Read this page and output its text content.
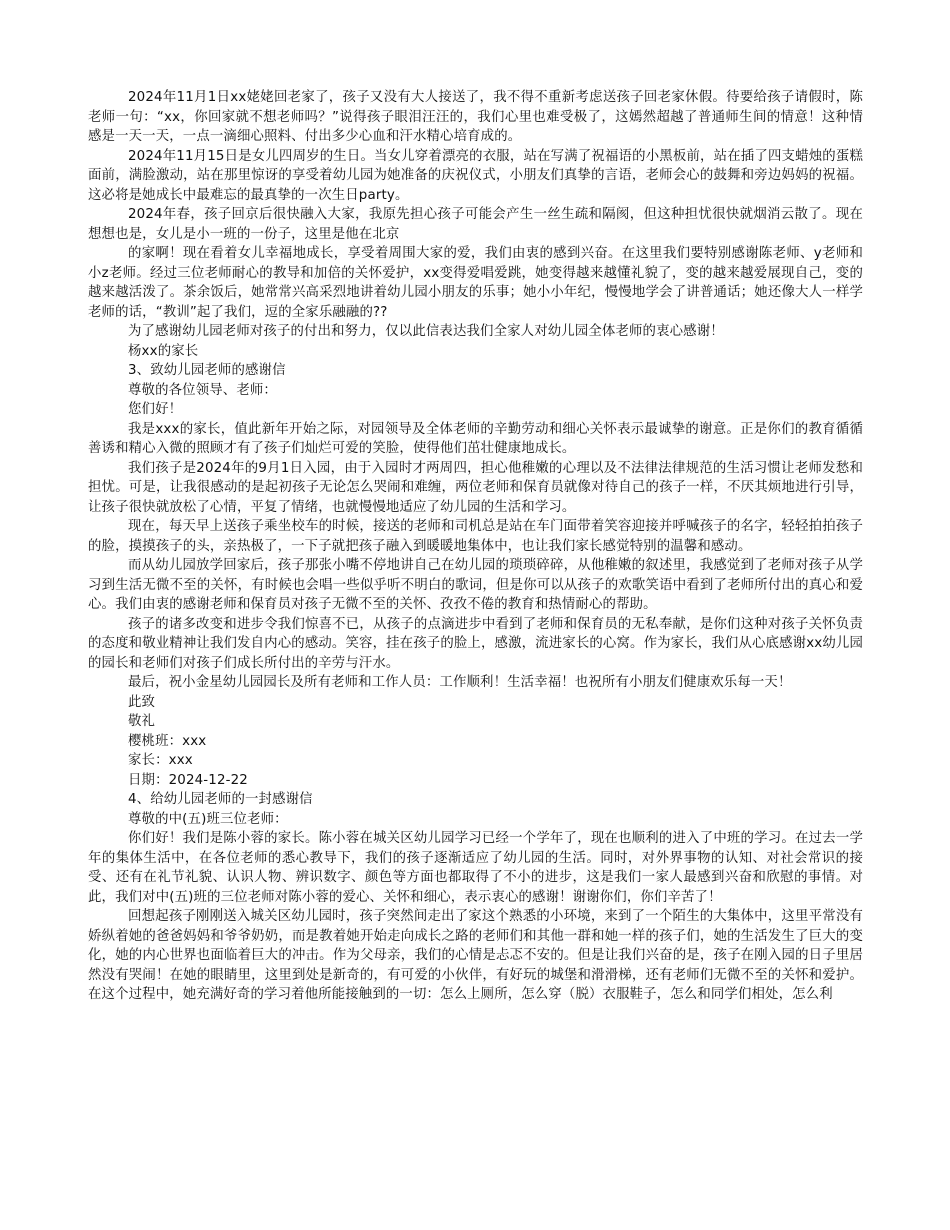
2024年11月1日xx姥姥回老家了，孩子又没有大人接送了，我不得不重新考虑送孩子回老家休假。待要给孩子请假时，陈老师一句：“xx，你回家就不想老师吗？”说得孩子眼泪汪汪的，我们心里也难受极了，这嫣然超越了普通师生间的情意！这种情感是一天一天，一点一滴细心照料、付出多少心血和汗水精心培育成的。

2024年11月15日是女儿四周岁的生日。当女儿穿着漂亮的衣服，站在写满了祝福语的小黑板前，站在插了四支蜡烛的蛋糕面前，满脸激动，站在那里惊讶的享受着幼儿园为她准备的庆祝仪式，小朋友们真挚的言语，老师会心的鼓舞和旁边妈妈的祝福。这必将是她成长中最难忘的最真挚的一次生日party。

2024年春，孩子回京后很快融入大家，我原先担心孩子可能会产生一丝生疏和隔阂，但这种担忧很快就烟消云散了。现在想想也是，女儿是小一班的一份子，这里是他在北京

的家啊！现在看着女儿幸福地成长，享受着周围大家的爱，我们由衷的感到兴奋。在这里我们要特别感谢陈老师、y老师和小z老师。经过三位老师耐心的教导和加倍的关怀爱护，xx变得爱唱爱跳，她变得越来越懂礼貌了，变的越来越爱展现自己，变的越来越活泼了。茶余饭后，她常常兴高采烈地讲着幼儿园小朋友的乐事；她小小年纪，慢慢地学会了讲普通话；她还像大人一样学老师的话，“教训”起了我们，逗的全家乐融融的??

为了感谢幼儿园老师对孩子的付出和努力，仅以此信表达我们全家人对幼儿园全体老师的衷心感谢！

杨xx的家长

3、致幼儿园老师的感谢信

尊敬的各位领导、老师：

您们好！

我是xxx的家长，值此新年开始之际，对园领导及全体老师的辛勤劳动和细心关怀表示最诚挚的谢意。正是你们的教育循循善诱和精心入微的照顾才有了孩子们灿烂可爱的笑脸，使得他们茁壮健康地成长。

我们孩子是2024年的9月1日入园，由于入园时才两周四，担心他稚嫩的心理以及不法律法律规范的生活习惯让老师发愁和担忧。可是，让我很感动的是起初孩子无论怎么哭闹和难缠，两位老师和保育员就像对待自己的孩子一样，不厌其烦地进行引导，让孩子很快就放松了心情，平复了情绪，也就慢慢地适应了幼儿园的生活和学习。

现在，每天早上送孩子乘坐校车的时候，接送的老师和司机总是站在车门面带着笑容迎接并呼喊孩子的名字，轻轻拍拍孩子的脸，摸摸孩子的头，亲热极了，一下子就把孩子融入到暖暖地集体中，也让我们家长感觉特别的温馨和感动。

而从幼儿园放学回家后，孩子那张小嘴不停地讲自己在幼儿园的琐琐碎碎，从他稚嫩的叙述里，我感觉到了老师对孩子从学习到生活无微不至的关怀，有时候也会唱一些似乎听不明白的歌词，但是你可以从孩子的欢歌笑语中看到了老师所付出的真心和爱心。我们由衷的感谢老师和保育员对孩子无微不至的关怀、孜孜不倦的教育和热情耐心的帮助。

孩子的诸多改变和进步令我们惊喜不已，从孩子的点滴进步中看到了老师和保育员的无私奉献，是你们这种对孩子关怀负责的态度和敬业精神让我们发自内心的感动。笑容，挂在孩子的脸上，感激，流进家长的心窝。作为家长，我们从心底感谢xx幼儿园的园长和老师们对孩子们成长所付出的辛劳与汗水。

最后，祝小金星幼儿园园长及所有老师和工作人员：工作顺利！生活幸福！也祝所有小朋友们健康欢乐每一天！

此致

敬礼

樱桃班：xxx

家长：xxx

日期：2024-12-22

4、给幼儿园老师的一封感谢信

尊敬的中(五)班三位老师：

你们好！我们是陈小蓉的家长。陈小蓉在城关区幼儿园学习已经一个学年了，现在也顺利的进入了中班的学习。在过去一学年的集体生活中，在各位老师的悉心教导下，我们的孩子逐渐适应了幼儿园的生活。同时，对外界事物的认知、对社会常识的接受、还有在礼节礼貌、认识人物、辨识数字、颜色等方面也都取得了不小的进步，这是我们一家人最感到兴奋和欣慰的事情。对此，我们对中(五)班的三位老师对陈小蓉的爱心、关怀和细心，表示衷心的感谢！谢谢你们，你们辛苦了！

回想起孩子刚刚送入城关区幼儿园时，孩子突然间走出了家这个熟悉的小环境，来到了一个陌生的大集体中，这里平常没有娇纵着她的爸爸妈妈和爷爷奶奶，而是教着她开始走向成长之路的老师们和其他一群和她一样的孩子们，她的生活发生了巨大的变化，她的内心世界也面临着巨大的冲击。作为父母亲，我们的心情是忐忑不安的。但是让我们兴奋的是，孩子在刚入园的日子里居然没有哭闹！在她的眼睛里，这里到处是新奇的，有可爱的小伙伴，有好玩的城堡和滑滑梯，还有老师们无微不至的关怀和爱护。在这个过程中，她充满好奇的学习着他所能接触到的一切：怎么上厕所，怎么穿（脱）衣服鞋子，怎么和同学们相处，怎么利
